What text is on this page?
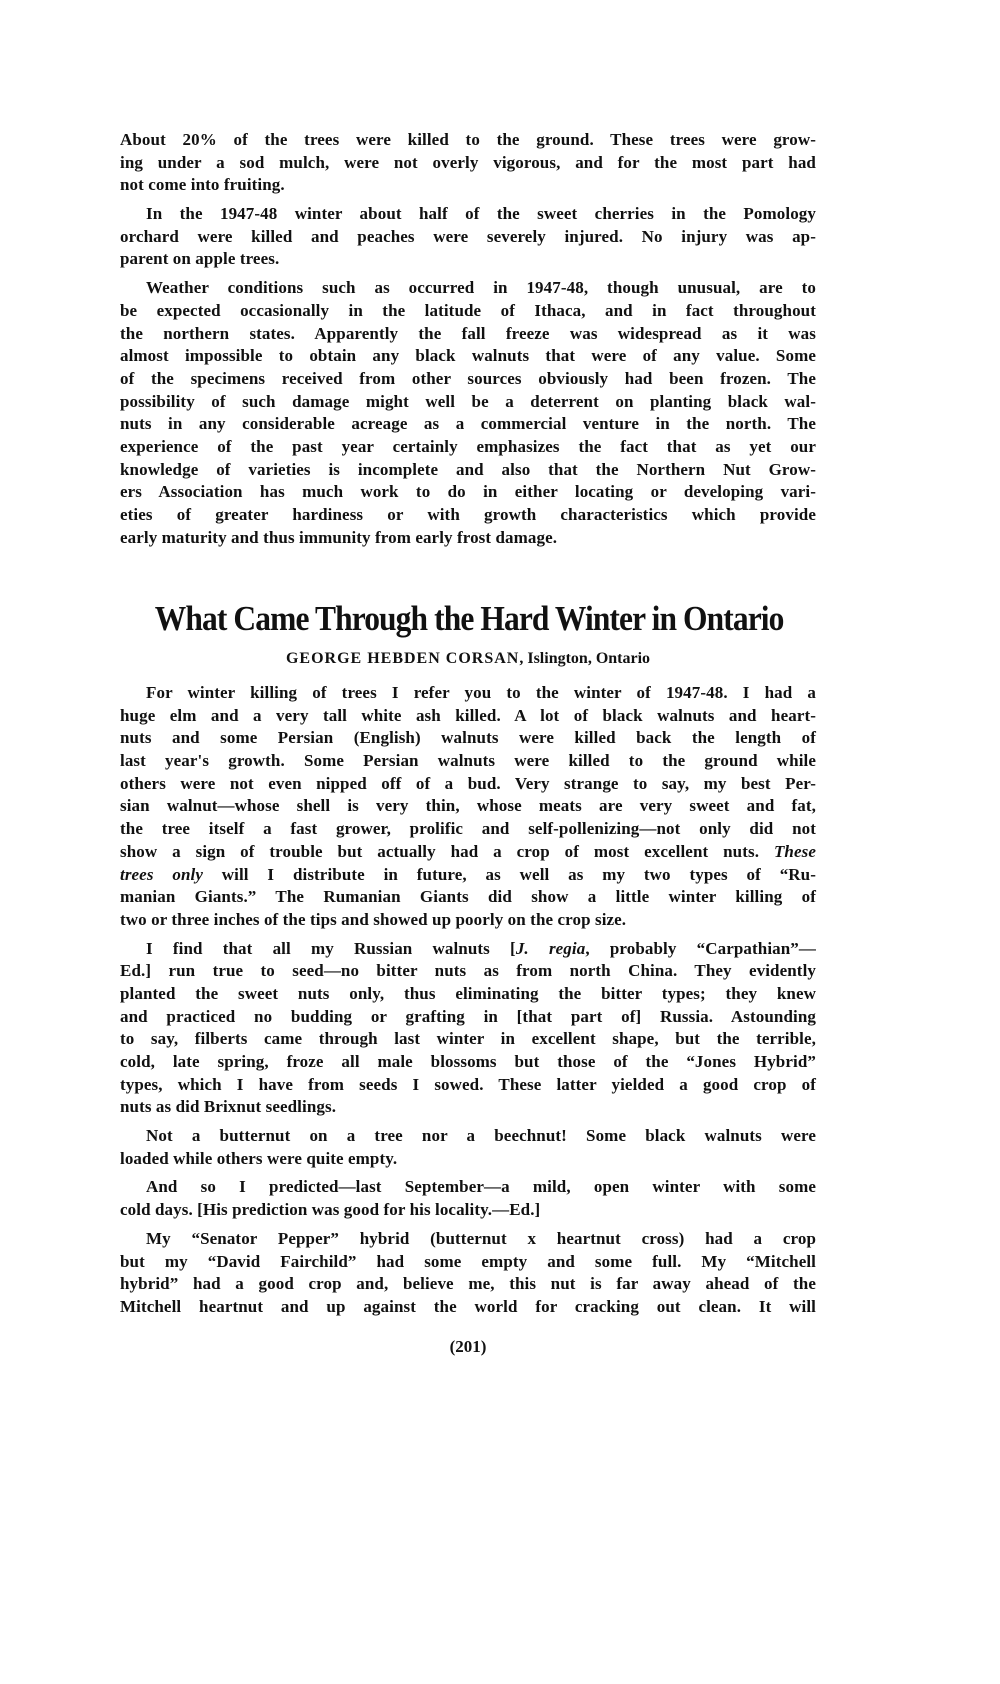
About 20% of the trees were killed to the ground. These trees were grow-
ing under a sod mulch, were not overly vigorous, and for the most part had
not come into fruiting.
In the 1947-48 winter about half of the sweet cherries in the Pomology
orchard were killed and peaches were severely injured. No injury was ap-
parent on apple trees.
Weather conditions such as occurred in 1947-48, though unusual, are to
be expected occasionally in the latitude of Ithaca, and in fact throughout
the northern states. Apparently the fall freeze was widespread as it was
almost impossible to obtain any black walnuts that were of any value. Some
of the specimens received from other sources obviously had been frozen. The
possibility of such damage might well be a deterrent on planting black wal-
nuts in any considerable acreage as a commercial venture in the north. The
experience of the past year certainly emphasizes the fact that as yet our
knowledge of varieties is incomplete and also that the Northern Nut Grow-
ers Association has much work to do in either locating or developing vari-
eties of greater hardiness or with growth characteristics which provide
early maturity and thus immunity from early frost damage.
What Came Through the Hard Winter in Ontario
GEORGE HEBDEN CORSAN, Islington, Ontario
For winter killing of trees I refer you to the winter of 1947-48. I had a
huge elm and a very tall white ash killed. A lot of black walnuts and heart-
nuts and some Persian (English) walnuts were killed back the length of
last year's growth. Some Persian walnuts were killed to the ground while
others were not even nipped off of a bud. Very strange to say, my best Per-
sian walnut—whose shell is very thin, whose meats are very sweet and fat,
the tree itself a fast grower, prolific and self-pollenizing—not only did not
show a sign of trouble but actually had a crop of most excellent nuts. These
trees only will I distribute in future, as well as my two types of “Ru-
manian Giants.” The Rumanian Giants did show a little winter killing of
two or three inches of the tips and showed up poorly on the crop size.
I find that all my Russian walnuts [J. regia, probably “Carpathian”—
Ed.] run true to seed—no bitter nuts as from north China. They evidently
planted the sweet nuts only, thus eliminating the bitter types; they knew
and practiced no budding or grafting in [that part of] Russia. Astounding
to say, filberts came through last winter in excellent shape, but the terrible,
cold, late spring, froze all male blossoms but those of the “Jones Hybrid”
types, which I have from seeds I sowed. These latter yielded a good crop of
nuts as did Brixnut seedlings.
Not a butternut on a tree nor a beechnut! Some black walnuts were
loaded while others were quite empty.
And so I predicted—last September—a mild, open winter with some
cold days. [His prediction was good for his locality.—Ed.]
My “Senator Pepper” hybrid (butternut x heartnut cross) had a crop
but my “David Fairchild” had some empty and some full. My “Mitchell
hybrid” had a good crop and, believe me, this nut is far away ahead of the
Mitchell heartnut and up against the world for cracking out clean. It will
(201)
